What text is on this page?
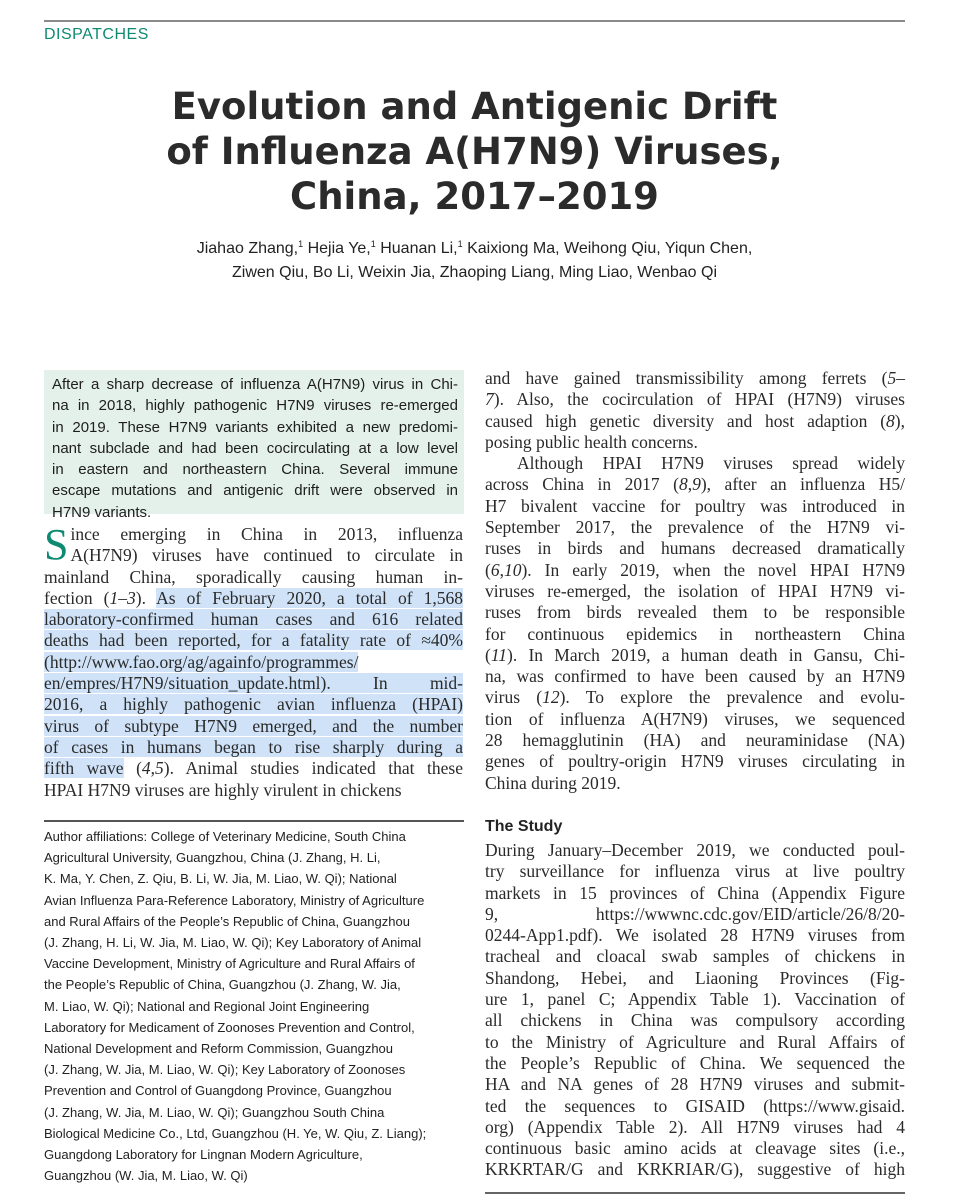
DISPATCHES
Evolution and Antigenic Drift
of Influenza A(H7N9) Viruses,
China, 2017–2019
Jiahao Zhang,$^1$ Hejia Ye,$^1$ Huanan Li,$^1$ Kaixiong Ma, Weihong Qiu, Yiqun Chen,
Ziwen Qiu, Bo Li, Weixin Jia, Zhaoping Liang, Ming Liao, Wenbao Qi
After a sharp decrease of influenza A(H7N9) virus in Chi-
na in 2018, highly pathogenic H7N9 viruses re-emerged
in 2019. These H7N9 variants exhibited a new predomi-
nant subclade and had been cocirculating at a low level
in eastern and northeastern China. Several immune
escape mutations and antigenic drift were observed in
H7N9 variants.
S ince emerging in China in 2013, influenza
A(H7N9) viruses have continued to circulate in
mainland China, sporadically causing human in-
fection (1–3). As of February 2020, a total of 1,568
laboratory-confirmed human cases and 616 related
deaths had been reported, for a fatality rate of ≈40%
(http://www.fao.org/ag/againfo/programmes/
en/empres/H7N9/situation_update.html). In mid-
2016, a highly pathogenic avian influenza (HPAI)
virus of subtype H7N9 emerged, and the number
of cases in humans began to rise sharply during a
fifth wave (4,5). Animal studies indicated that these
HPAI H7N9 viruses are highly virulent in chickens
and have gained transmissibility among ferrets (5–
7). Also, the cocirculation of HPAI (H7N9) viruses
caused high genetic diversity and host adaption (8),
posing public health concerns.
Although HPAI H7N9 viruses spread widely
across China in 2017 (8,9), after an influenza H5/
H7 bivalent vaccine for poultry was introduced in
September 2017, the prevalence of the H7N9 vi-
ruses in birds and humans decreased dramatically
(6,10). In early 2019, when the novel HPAI H7N9
viruses re-emerged, the isolation of HPAI H7N9 vi-
ruses from birds revealed them to be responsible
for continuous epidemics in northeastern China
(11). In March 2019, a human death in Gansu, Chi-
na, was confirmed to have been caused by an H7N9
virus (12). To explore the prevalence and evolu-
tion of influenza A(H7N9) viruses, we sequenced
28 hemagglutinin (HA) and neuraminidase (NA)
genes of poultry-origin H7N9 viruses circulating in
China during 2019.
Author affiliations: College of Veterinary Medicine, South China
Agricultural University, Guangzhou, China (J. Zhang, H. Li,
K. Ma, Y. Chen, Z. Qiu, B. Li, W. Jia, M. Liao, W. Qi); National
Avian Influenza Para-Reference Laboratory, Ministry of Agriculture
and Rural Affairs of the People’s Republic of China, Guangzhou
(J. Zhang, H. Li, W. Jia, M. Liao, W. Qi); Key Laboratory of Animal
Vaccine Development, Ministry of Agriculture and Rural Affairs of
the People’s Republic of China, Guangzhou (J. Zhang, W. Jia,
M. Liao, W. Qi); National and Regional Joint Engineering
Laboratory for Medicament of Zoonoses Prevention and Control,
National Development and Reform Commission, Guangzhou
(J. Zhang, W. Jia, M. Liao, W. Qi); Key Laboratory of Zoonoses
Prevention and Control of Guangdong Province, Guangzhou
(J. Zhang, W. Jia, M. Liao, W. Qi); Guangzhou South China
Biological Medicine Co., Ltd, Guangzhou (H. Ye, W. Qiu, Z. Liang);
Guangdong Laboratory for Lingnan Modern Agriculture,
Guangzhou (W. Jia, M. Liao, W. Qi)
The Study
During January–December 2019, we conducted poul-
try surveillance for influenza virus at live poultry
markets in 15 provinces of China (Appendix Figure
9, https://wwwnc.cdc.gov/EID/article/26/8/20-
0244-App1.pdf). We isolated 28 H7N9 viruses from
tracheal and cloacal swab samples of chickens in
Shandong, Hebei, and Liaoning Provinces (Fig-
ure 1, panel C; Appendix Table 1). Vaccination of
all chickens in China was compulsory according
to the Ministry of Agriculture and Rural Affairs of
the People’s Republic of China. We sequenced the
HA and NA genes of 28 H7N9 viruses and submit-
ted the sequences to GISAID (https://www.gisaid.
org) (Appendix Table 2). All H7N9 viruses had 4
continuous basic amino acids at cleavage sites (i.e.,
KRKRTAR/G and KRKRIAR/G), suggestive of high
